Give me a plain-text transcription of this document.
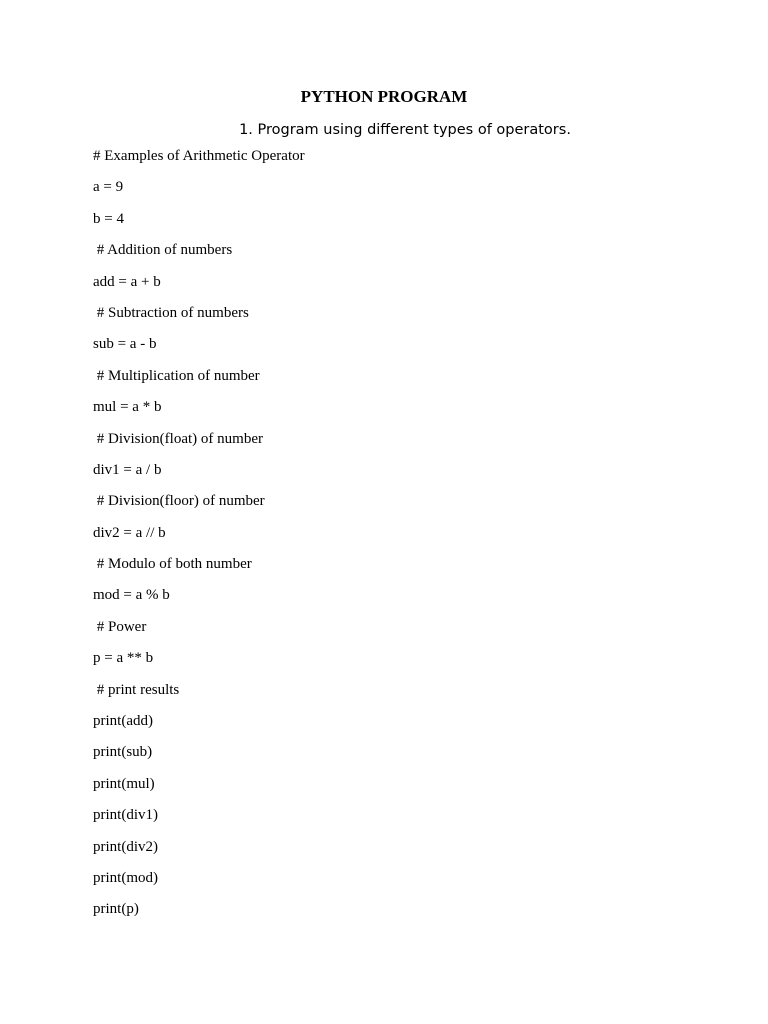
PYTHON PROGRAM
1. Program using different types of operators.
# Examples of Arithmetic Operator
a = 9
b = 4
# Addition of numbers
add = a + b
# Subtraction of numbers
sub = a - b
# Multiplication of number
mul = a * b
# Division(float) of number
div1 = a / b
# Division(floor) of number
div2 = a // b
# Modulo of both number
mod = a % b
# Power
p = a ** b
# print results
print(add)
print(sub)
print(mul)
print(div1)
print(div2)
print(mod)
print(p)
